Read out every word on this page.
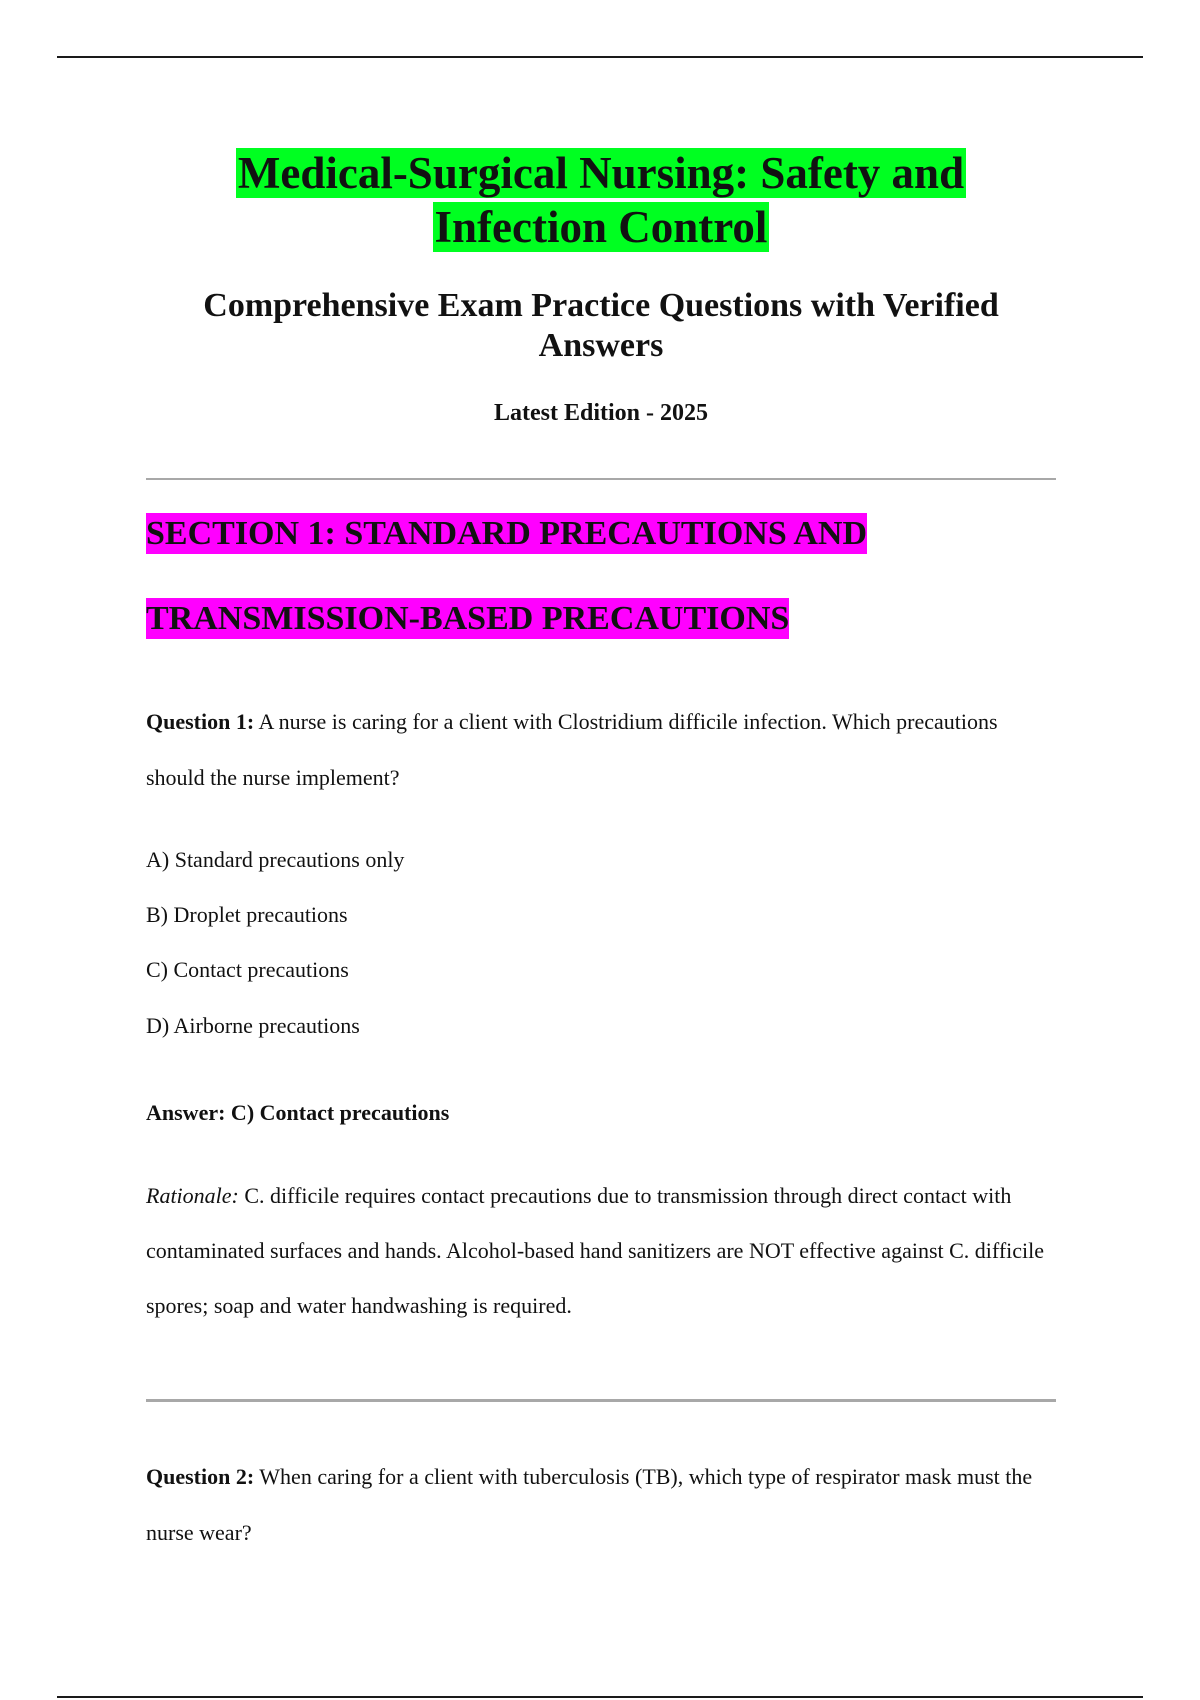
Medical-Surgical Nursing: Safety and Infection Control
Comprehensive Exam Practice Questions with Verified Answers

Latest Edition - 2025

SECTION 1: STANDARD PRECAUTIONS AND TRANSMISSION-BASED PRECAUTIONS

Question 1: A nurse is caring for a client with Clostridium difficile infection. Which precautions should the nurse implement?

A) Standard precautions only

B) Droplet precautions

C) Contact precautions

D) Airborne precautions

Answer: C) Contact precautions

Rationale: C. difficile requires contact precautions due to transmission through direct contact with contaminated surfaces and hands. Alcohol-based hand sanitizers are NOT effective against C. difficile spores; soap and water handwashing is required.

Question 2: When caring for a client with tuberculosis (TB), which type of respirator mask must the nurse wear?
